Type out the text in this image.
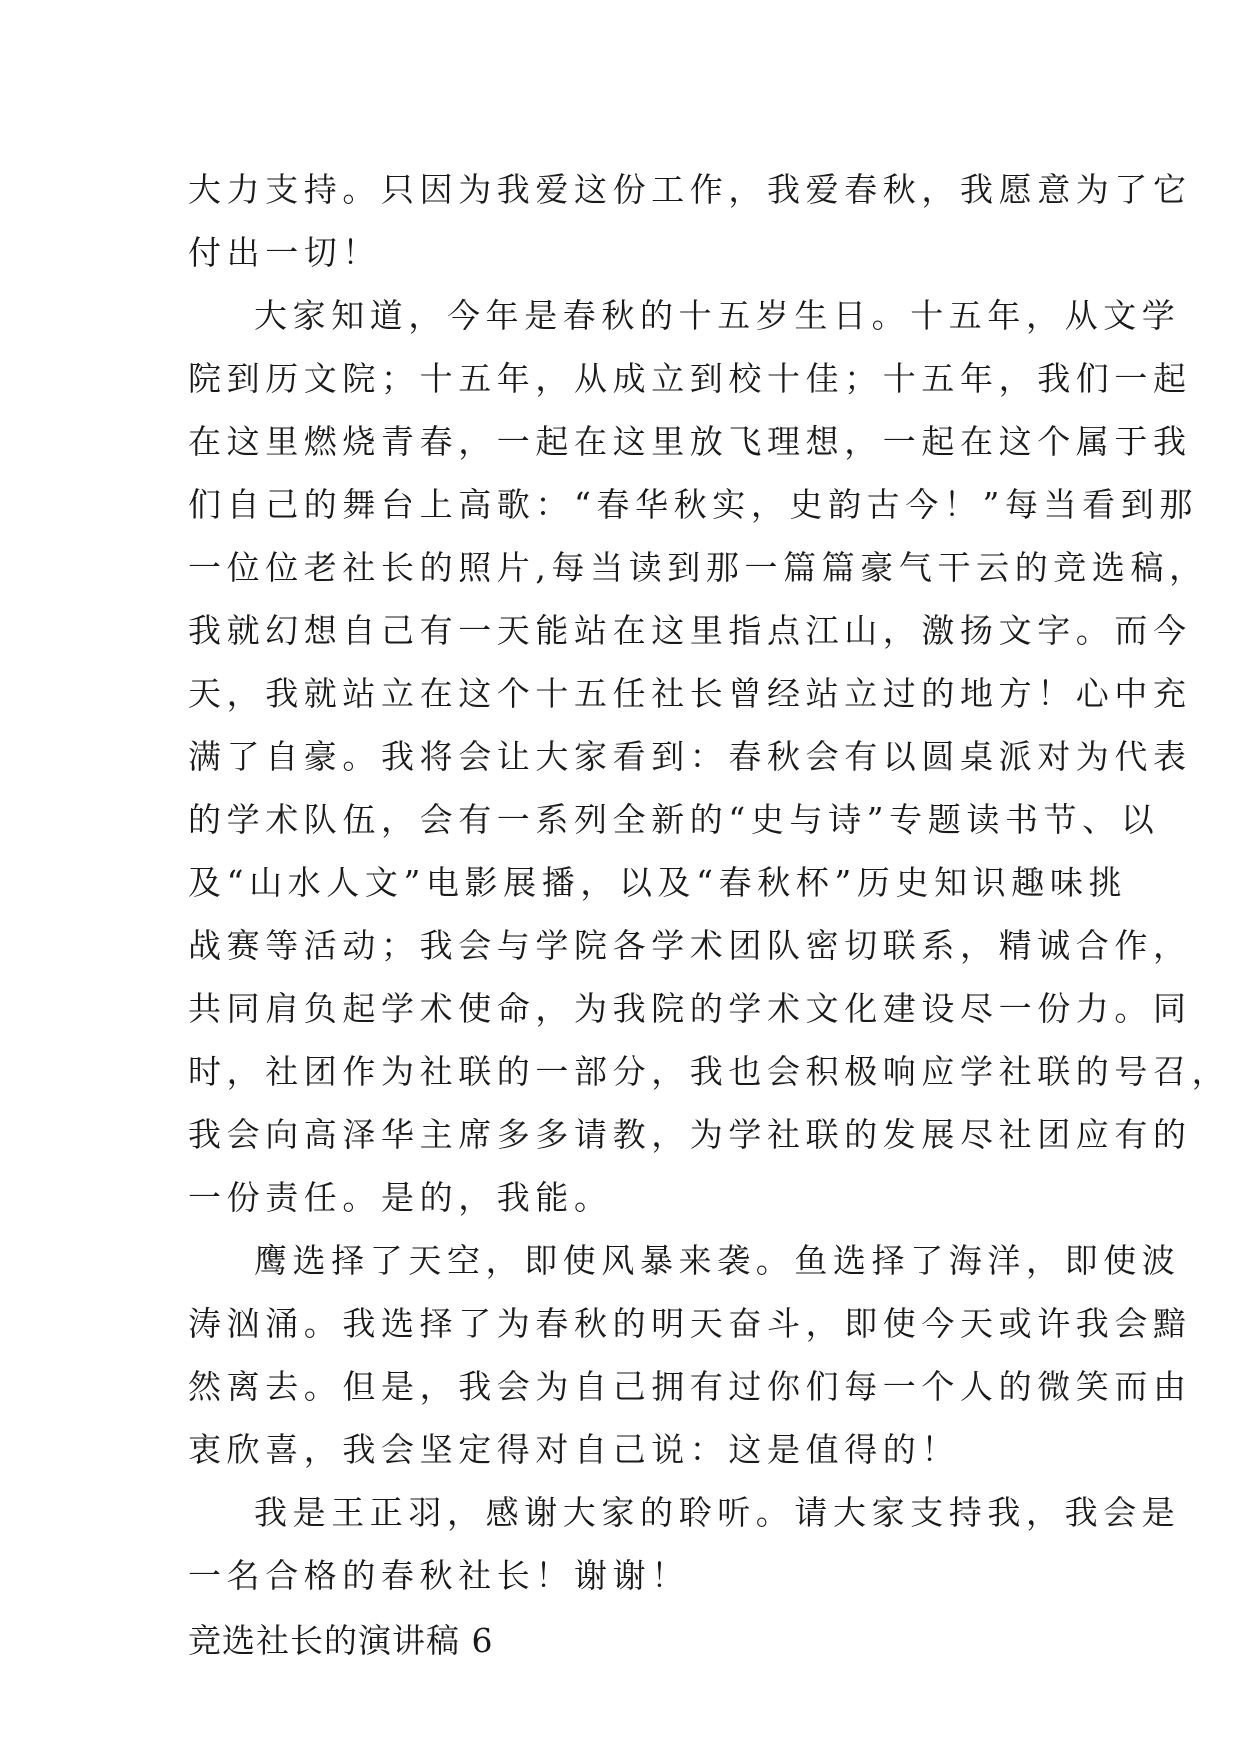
大力支持。只因为我爱这份工作，我爱春秋，我愿意为了它
付出一切！
大家知道，今年是春秋的十五岁生日。十五年，从文学
院到历文院；十五年，从成立到校十佳；十五年，我们一起
在这里燃烧青春，一起在这里放飞理想，一起在这个属于我
们自己的舞台上高歌：“春华秋实，史韵古今！”每当看到那
一位位老社长的照片,每当读到那一篇篇豪气干云的竞选稿，
我就幻想自己有一天能站在这里指点江山，激扬文字。而今
天，我就站立在这个十五任社长曾经站立过的地方！心中充
满了自豪。我将会让大家看到：春秋会有以圆桌派对为代表
的学术队伍，会有一系列全新的“史与诗”专题读书节、以
及“山水人文”电影展播，以及“春秋杯”历史知识趣味挑
战赛等活动；我会与学院各学术团队密切联系，精诚合作，
共同肩负起学术使命，为我院的学术文化建设尽一份力。同
时，社团作为社联的一部分，我也会积极响应学社联的号召，
我会向高泽华主席多多请教，为学社联的发展尽社团应有的
一份责任。是的，我能。
鹰选择了天空，即使风暴来袭。鱼选择了海洋，即使波
涛汹涌。我选择了为春秋的明天奋斗，即使今天或许我会黯
然离去。但是，我会为自己拥有过你们每一个人的微笑而由
衷欣喜，我会坚定得对自己说：这是值得的！
我是王正羽，感谢大家的聆听。请大家支持我，我会是
一名合格的春秋社长！谢谢！
竞选社长的演讲稿 6
